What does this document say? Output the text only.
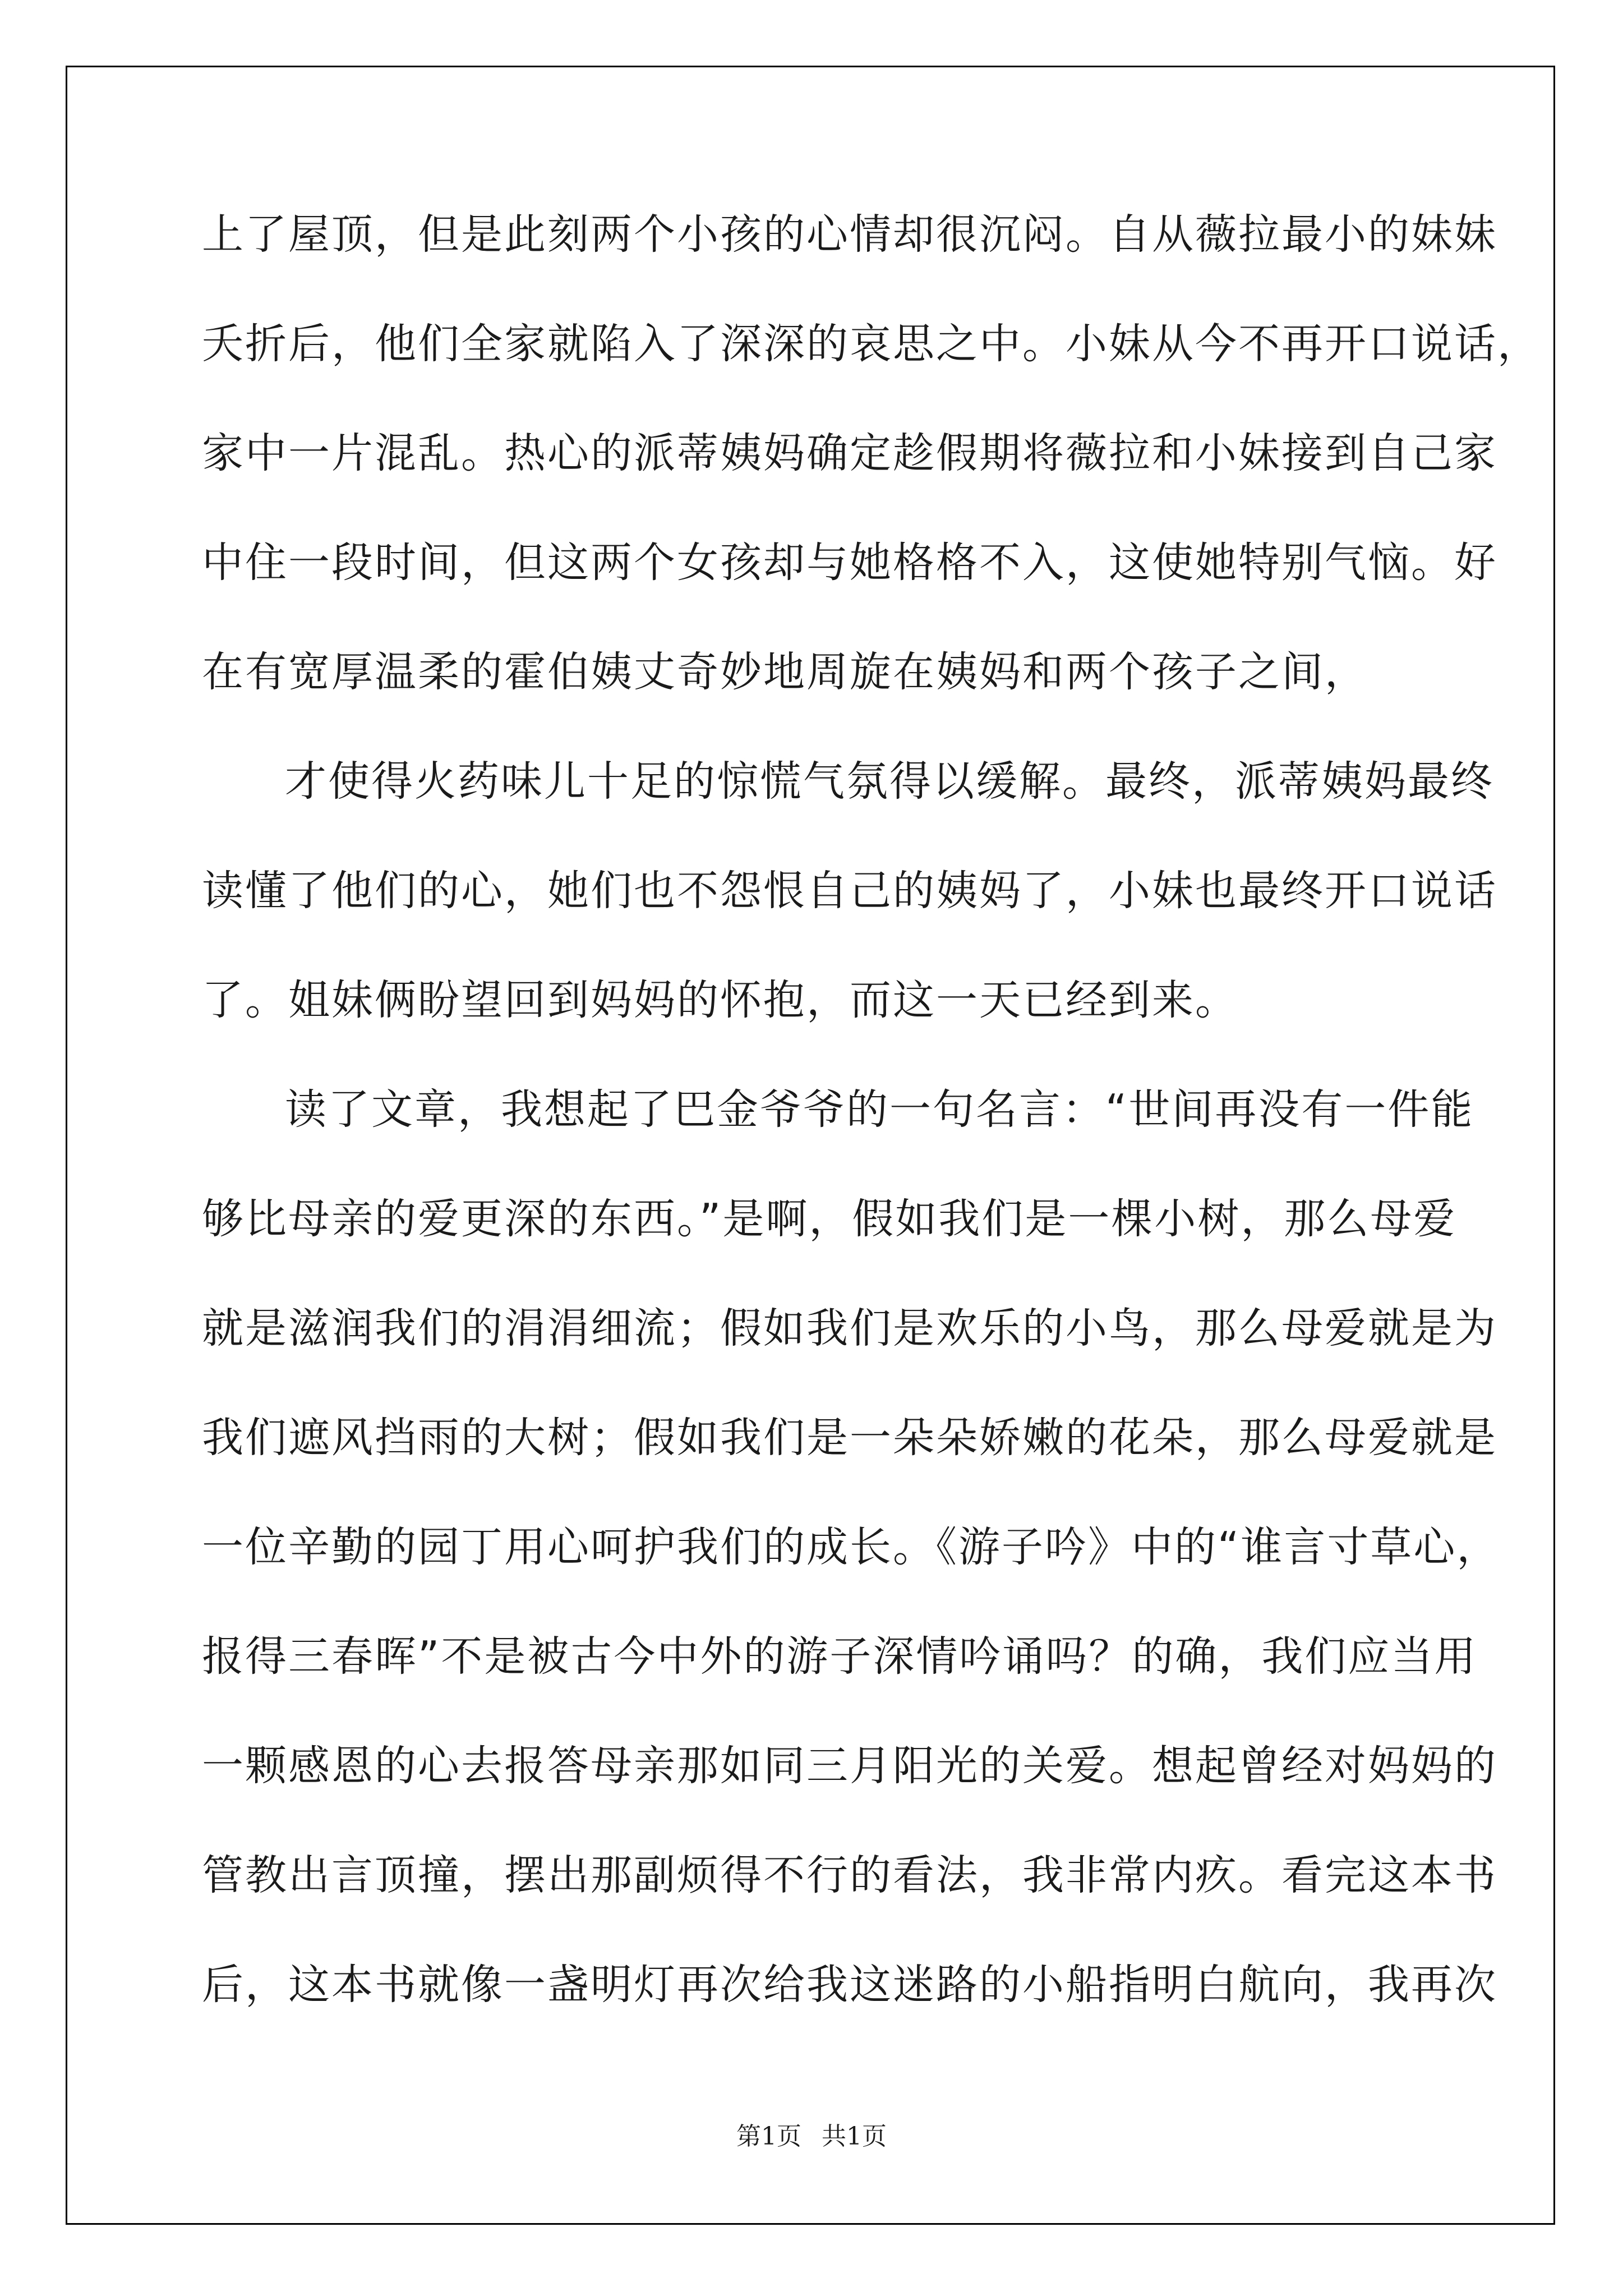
上了屋顶，但是此刻两个小孩的心情却很沉闷。自从薇拉最小的妹妹
夭折后，他们全家就陷入了深深的哀思之中。小妹从今不再开口说话，
家中一片混乱。热心的派蒂姨妈确定趁假期将薇拉和小妹接到自己家
中住一段时间，但这两个女孩却与她格格不入，这使她特别气恼。好
在有宽厚温柔的霍伯姨丈奇妙地周旋在姨妈和两个孩子之间，
才使得火药味儿十足的惊慌气氛得以缓解。最终，派蒂姨妈最终
读懂了他们的心，她们也不怨恨自己的姨妈了，小妹也最终开口说话
了。姐妹俩盼望回到妈妈的怀抱，而这一天已经到来。
读了文章，我想起了巴金爷爷的一句名言：“世间再没有一件能
够比母亲的爱更深的东西。”是啊，假如我们是一棵小树，那么母爱
就是滋润我们的涓涓细流；假如我们是欢乐的小鸟，那么母爱就是为
我们遮风挡雨的大树；假如我们是一朵朵娇嫩的花朵，那么母爱就是
一位辛勤的园丁用心呵护我们的成长。《游子吟》中的“谁言寸草心，
报得三春晖”不是被古今中外的游子深情吟诵吗？的确，我们应当用
一颗感恩的心去报答母亲那如同三月阳光的关爱。想起曾经对妈妈的
管教出言顶撞，摆出那副烦得不行的看法，我非常内疚。看完这本书
后，这本书就像一盏明灯再次给我这迷路的小船指明白航向，我再次
第1页 共1页
